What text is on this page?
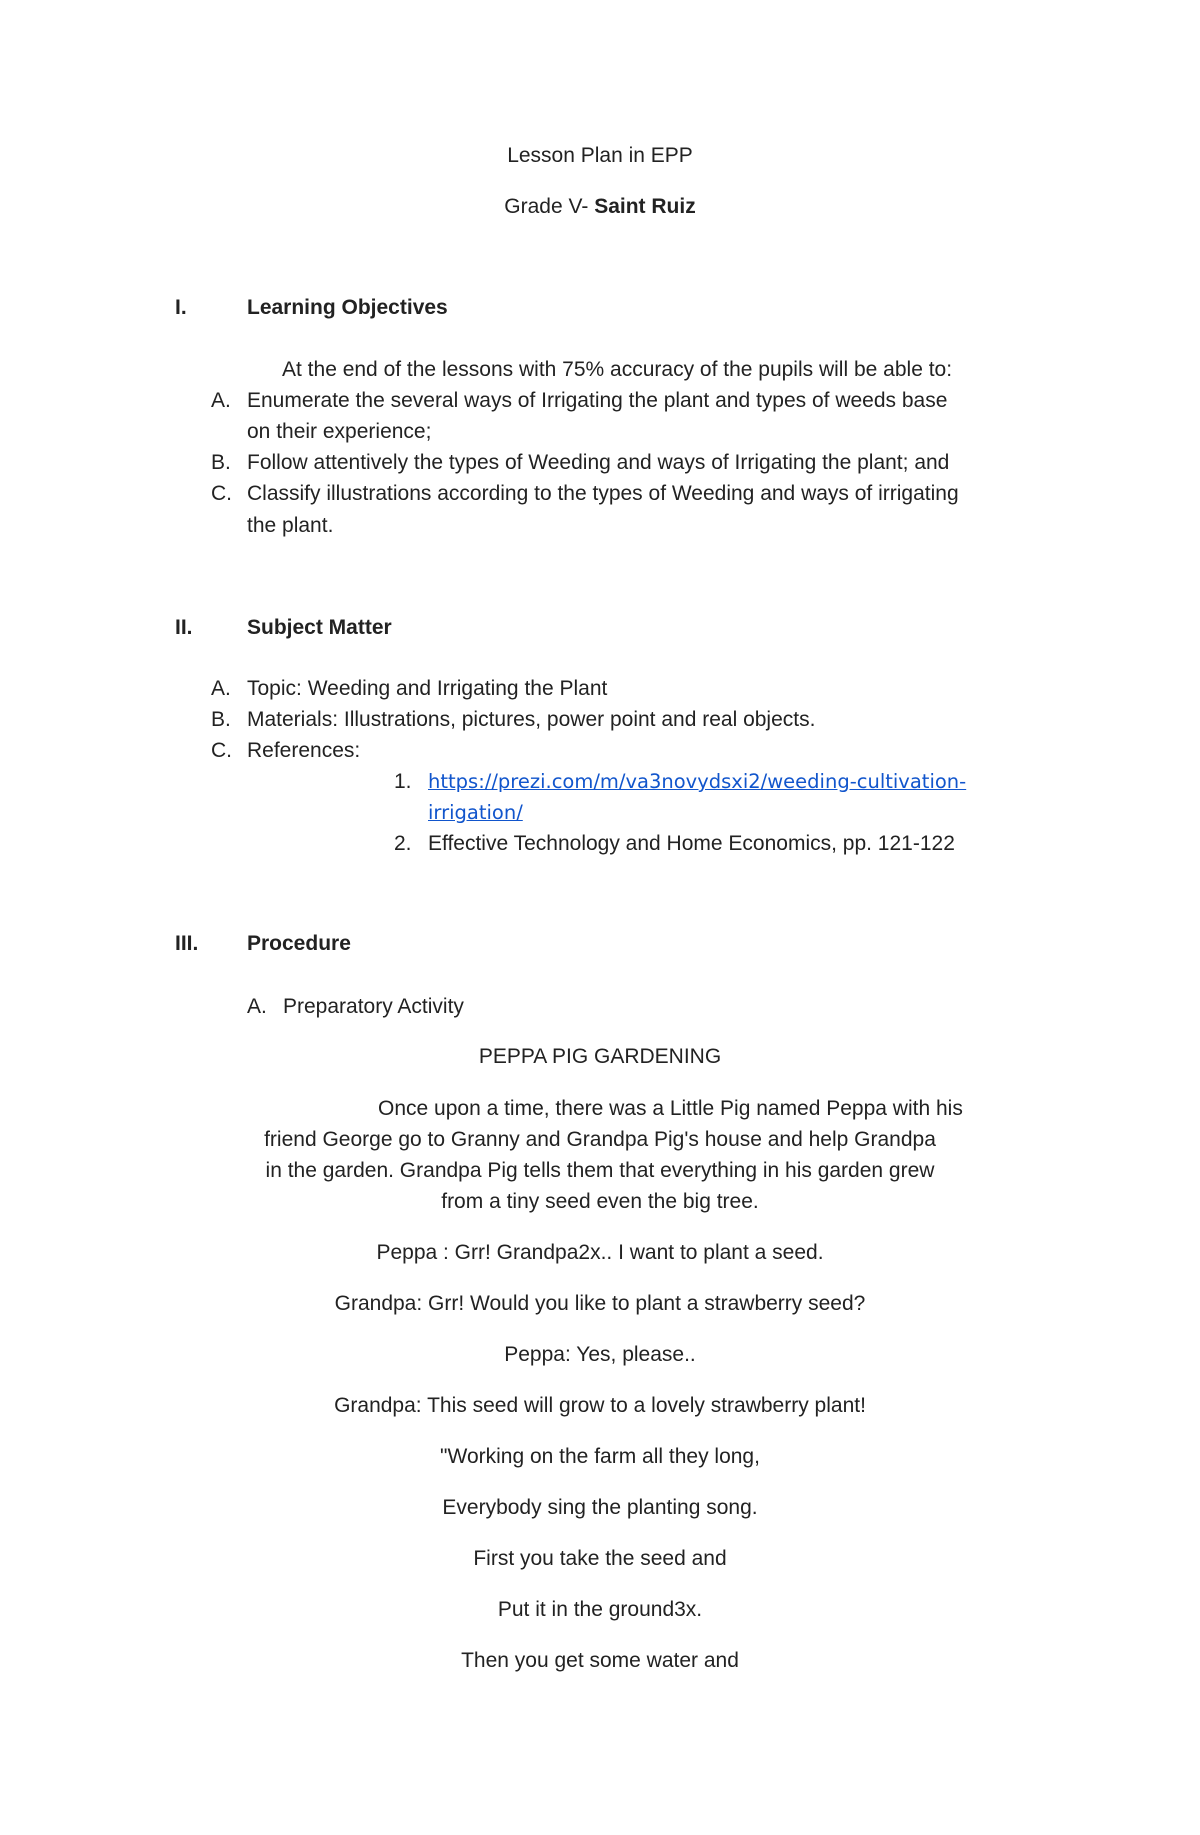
Lesson Plan in EPP
Grade V- Saint Ruiz
I.	Learning Objectives
At the end of the lessons with 75% accuracy of the pupils will be able to:
A. Enumerate the several ways of Irrigating the plant and types of weeds base
on their experience;
B. Follow attentively the types of Weeding and ways of Irrigating the plant; and
C. Classify illustrations according to the types of Weeding and ways of irrigating
the plant.
II.	Subject Matter
A. Topic: Weeding and Irrigating the Plant
B. Materials: Illustrations, pictures, power point and real objects.
C. References:
1. https://prezi.com/m/va3novydsxi2/weeding-cultivation-
irrigation/
2. Effective Technology and Home Economics, pp. 121-122
III. Procedure
A. Preparatory Activity
PEPPA PIG GARDENING
Once upon a time, there was a Little Pig named Peppa with his
friend George go to Granny and Grandpa Pig's house and help Grandpa
in the garden. Grandpa Pig tells them that everything in his garden grew
from a tiny seed even the big tree.
Peppa : Grr! Grandpa2x.. I want to plant a seed.
Grandpa: Grr! Would you like to plant a strawberry seed?
Peppa: Yes, please..
Grandpa: This seed will grow to a lovely strawberry plant!
"Working on the farm all they long,
Everybody sing the planting song.
First you take the seed and
Put it in the ground3x.
Then you get some water and
